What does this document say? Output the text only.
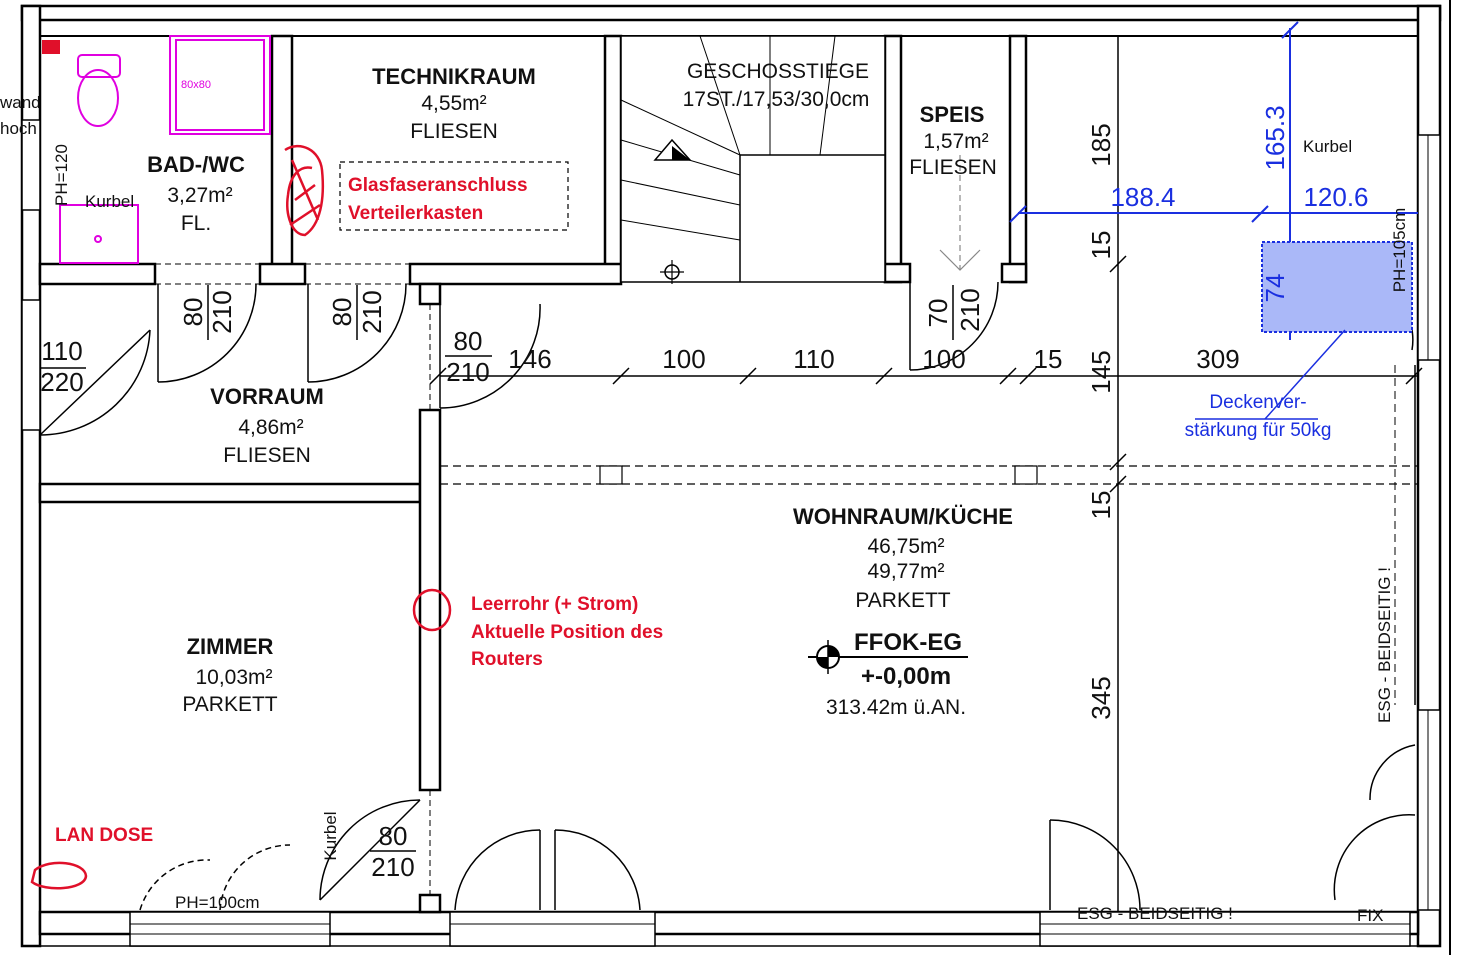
BAD-/WC
3,27m²
FL.
TECHNIKRAUM
4,55m²
FLIESEN
GESCHOSSTIEGE
17ST./17,53/30,0cm
SPEIS
1,57m²
FLIESEN
VORRAUM
4,86m²
FLIESEN
ZIMMER
10,03m²
PARKETT
WOHNRAUM/KÜCHE
46,75m²
49,77m²
PARKETT
FFOK-EG
+-0,00m
313.42m ü.AN.
Glasfaseranschluss
Verteilerkasten
Leerrohr (+ Strom)
Aktuelle Position des
Routers
LAN DOSE
Deckenver-
stärkung für 50kg
188.4	120.6
165.3
74
Kurbel
Kurbel
Kurbel
PH=120
PH=100cm
PH=105cm
ESG - BEIDSEITIG !
ESG - BEIDSEITIG !	FIX
80x80
wand
hoch
110
220
80 210	80 210
80
210
70 210
80
210
146	100	110	100	15	309
185
15
145
15
345
